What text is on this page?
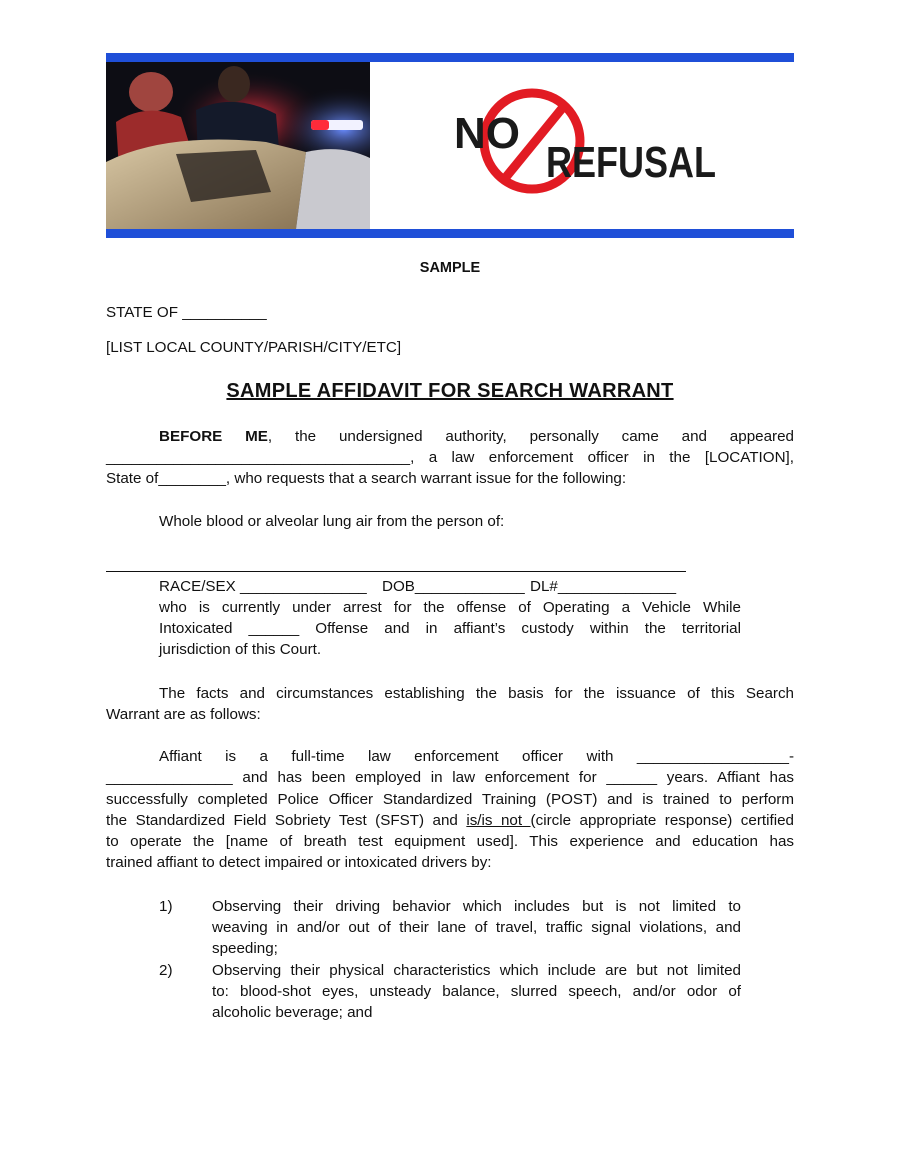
NO
REFUSAL
SAMPLE
STATE OF __________
[LIST LOCAL COUNTY/PARISH/CITY/ETC]
SAMPLE AFFIDAVIT FOR SEARCH WARRANT
BEFORE ME, the undersigned authority, personally came and appeared
____________________________________, a law enforcement officer in the [LOCATION],
State of________, who requests that a search warrant issue for the following:
Whole blood or alveolar lung air from the person of:
RACE/SEX _______________ DOB_____________ DL#______________
who is currently under arrest for the offense of Operating a Vehicle While
Intoxicated ______ Offense and in affiant’s custody within the territorial
jurisdiction of this Court.
The facts and circumstances establishing the basis for the issuance of this Search
Warrant are as follows:
Affiant is a full-time law enforcement officer with __________________-
_______________ and has been employed in law enforcement for ______ years. Affiant has
successfully completed Police Officer Standardized Training (POST) and is trained to perform
the Standardized Field Sobriety Test (SFST) and is/is not (circle appropriate response) certified
to operate the [name of breath test equipment used]. This experience and education has
trained affiant to detect impaired or intoxicated drivers by:
1)	Observing their driving behavior which includes but is not limited to
weaving in and/or out of their lane of travel, traffic signal violations, and
speeding;
2)	Observing their physical characteristics which include are but not limited
to: blood-shot eyes, unsteady balance, slurred speech, and/or odor of
alcoholic beverage; and
